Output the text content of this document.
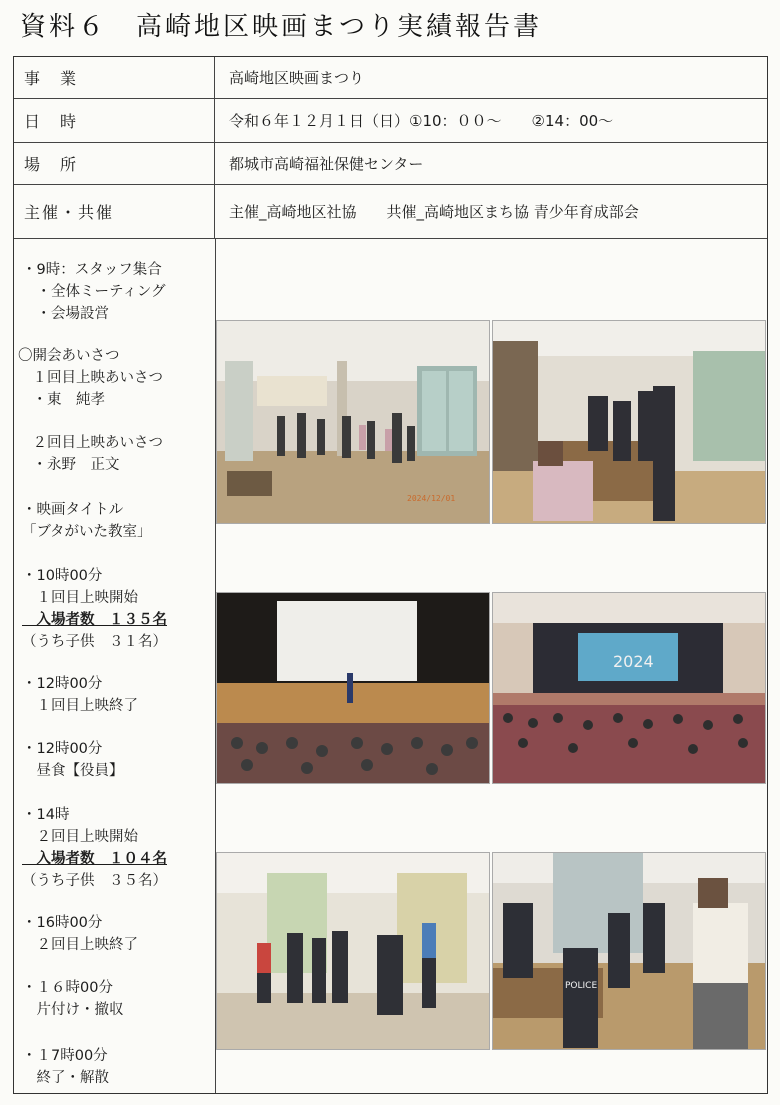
資料６　高崎地区映画まつり実績報告書
事　業	高崎地区映画まつり
日　時	令和６年１２月１日（日）①10：００～　　②14：00～
場　所	都城市高崎福祉保健センター
主催・共催	主催_高崎地区社協　　共催_高崎地区まち協 青少年育成部会
・9時：スタッフ集合
　・全体ミーティング
　・会場設営
〇開会あいさつ
　１回目上映あいさつ
　・東　純孝
　２回目上映あいさつ
　・永野　正文
・映画タイトル
「ブタがいた教室」
・10時00分
　１回目上映開始
　入場者数　１３５名
（うち子供　３１名）
・12時00分
　１回目上映終了
・12時00分
　昼食【役員】
・14時
　２回目上映開始
　入場者数　１０４名
（うち子供　３５名）
・16時00分
　２回目上映終了
・１６時00分
　片付け・撤収
・１7時00分
　終了・解散
2024/12/01
2024
POLICE
